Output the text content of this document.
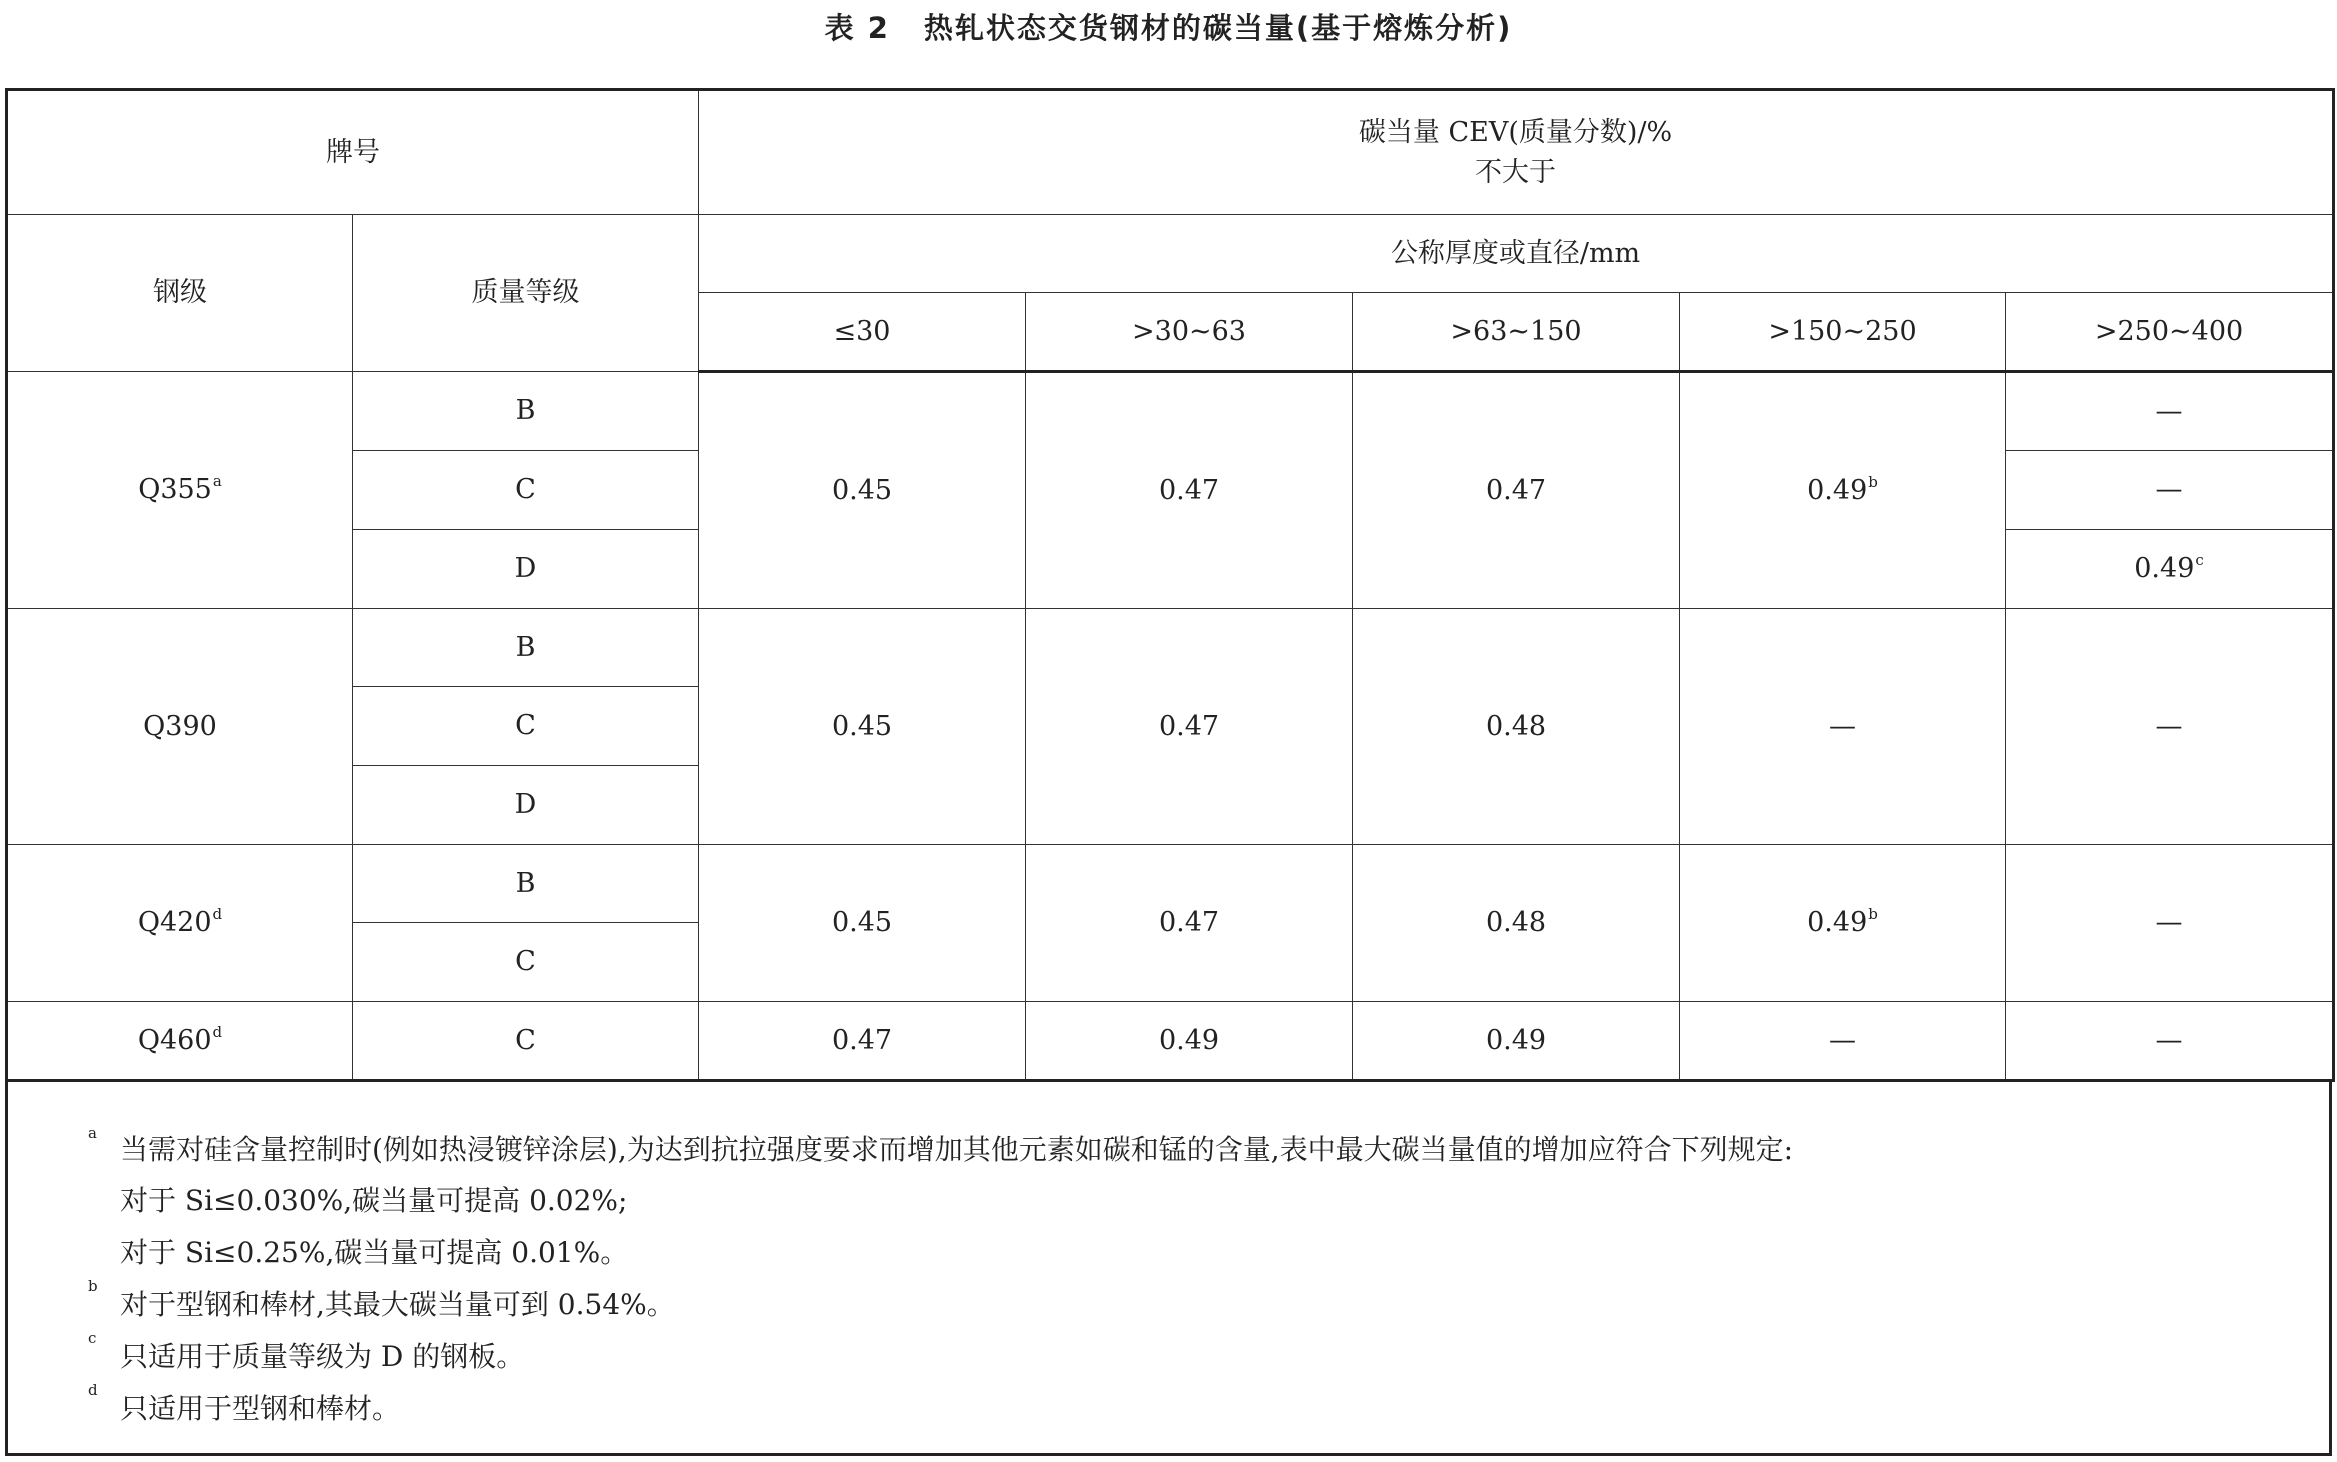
表 2 热轧状态交货钢材的碳当量(基于熔炼分析)
牌号		碳当量 CEV(质量分数)/%
不大于				

钢级	质量等级	公称厚度或直径/mm				
		≤30	>30~63	>63~150	>150~250	>250~400
Q355$^a$	B	0.45	0.47	0.47	0.49$^b$	—
	C					—
	D					0.49$^c$
Q390	B	0.45	0.47	0.48	—	—
	C					
	D					
Q420$^d$	B	0.45	0.47	0.48	0.49$^b$	—
	C					
Q460$^d$	C	0.47	0.49	0.49	—	—
a 当需对硅含量控制时(例如热浸镀锌涂层),为达到抗拉强度要求而增加其他元素如碳和锰的含量,表中最大碳当量值的增加应符合下列规定:
对于 Si≤0.030%,碳当量可提高 0.02%;
对于 Si≤0.25%,碳当量可提高 0.01%。
b
对于型钢和棒材,其最大碳当量可到 0.54%。
c
只适用于质量等级为 D 的钢板。
d
只适用于型钢和棒材。
